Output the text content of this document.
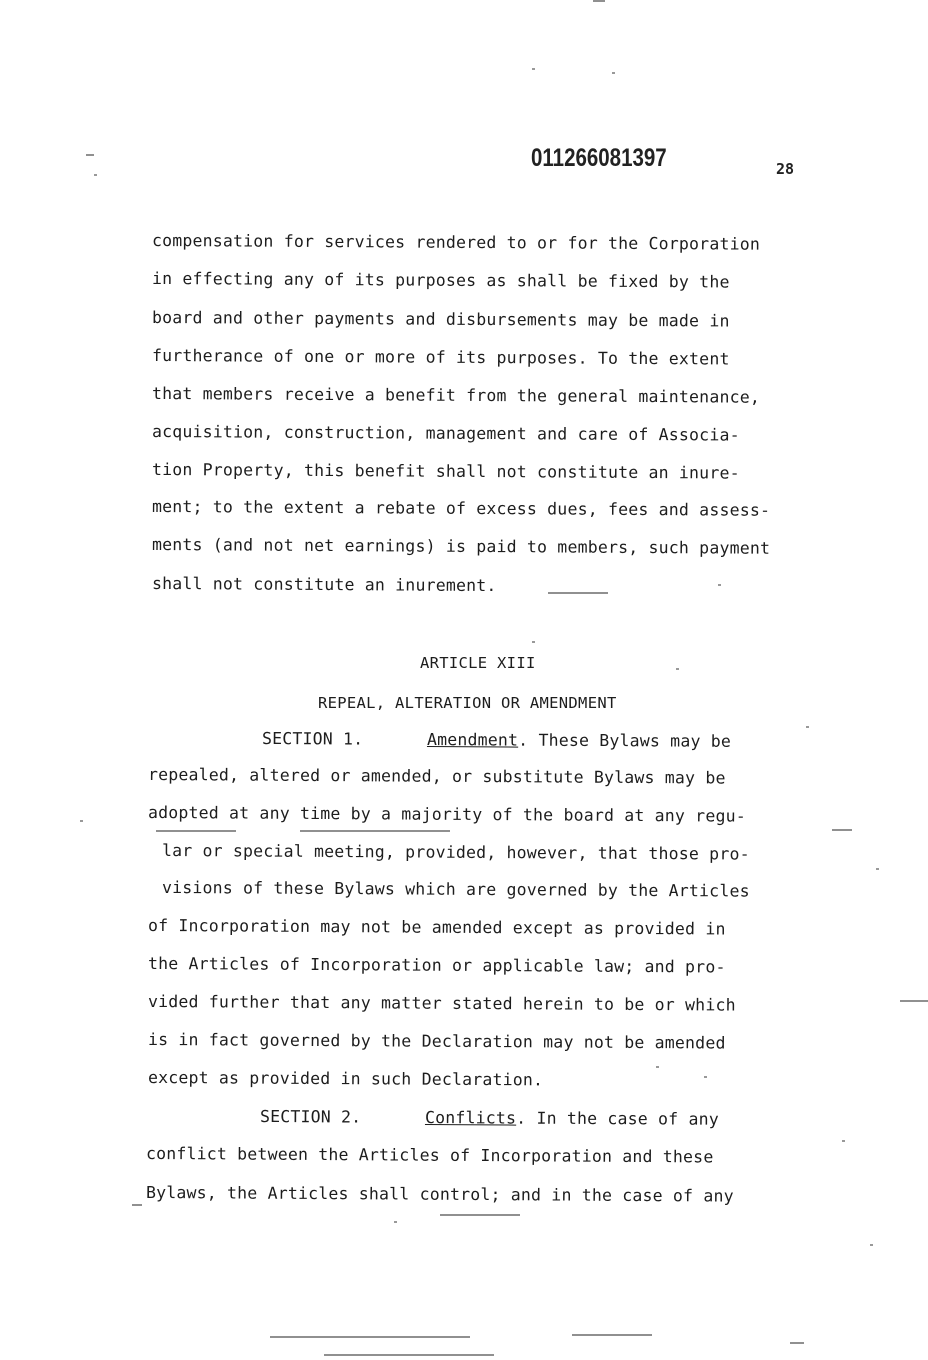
011266081397	28
compensation for services rendered to or for the Corporation
in effecting any of its purposes as shall be fixed by the
board and other payments and disbursements may be made in
furtherance of one or more of its purposes. To the extent
that members receive a benefit from the general maintenance,
acquisition, construction, management and care of Associa-
tion Property, this benefit shall not constitute an inure-
ment; to the extent a rebate of excess dues, fees and assess-
ments (and not net earnings) is paid to members, such payment
shall not constitute an inurement.
ARTICLE XIII
REPEAL, ALTERATION OR AMENDMENT
SECTION 1.	Amendment. These Bylaws may be
repealed, altered or amended, or substitute Bylaws may be
adopted at any time by a majority of the board at any regu-
lar or special meeting, provided, however, that those pro-
visions of these Bylaws which are governed by the Articles
of Incorporation may not be amended except as provided in
the Articles of Incorporation or applicable law; and pro-
vided further that any matter stated herein to be or which
is in fact governed by the Declaration may not be amended
except as provided in such Declaration.
SECTION 2.	Conflicts. In the case of any
conflict between the Articles of Incorporation and these
Bylaws, the Articles shall control; and in the case of any
